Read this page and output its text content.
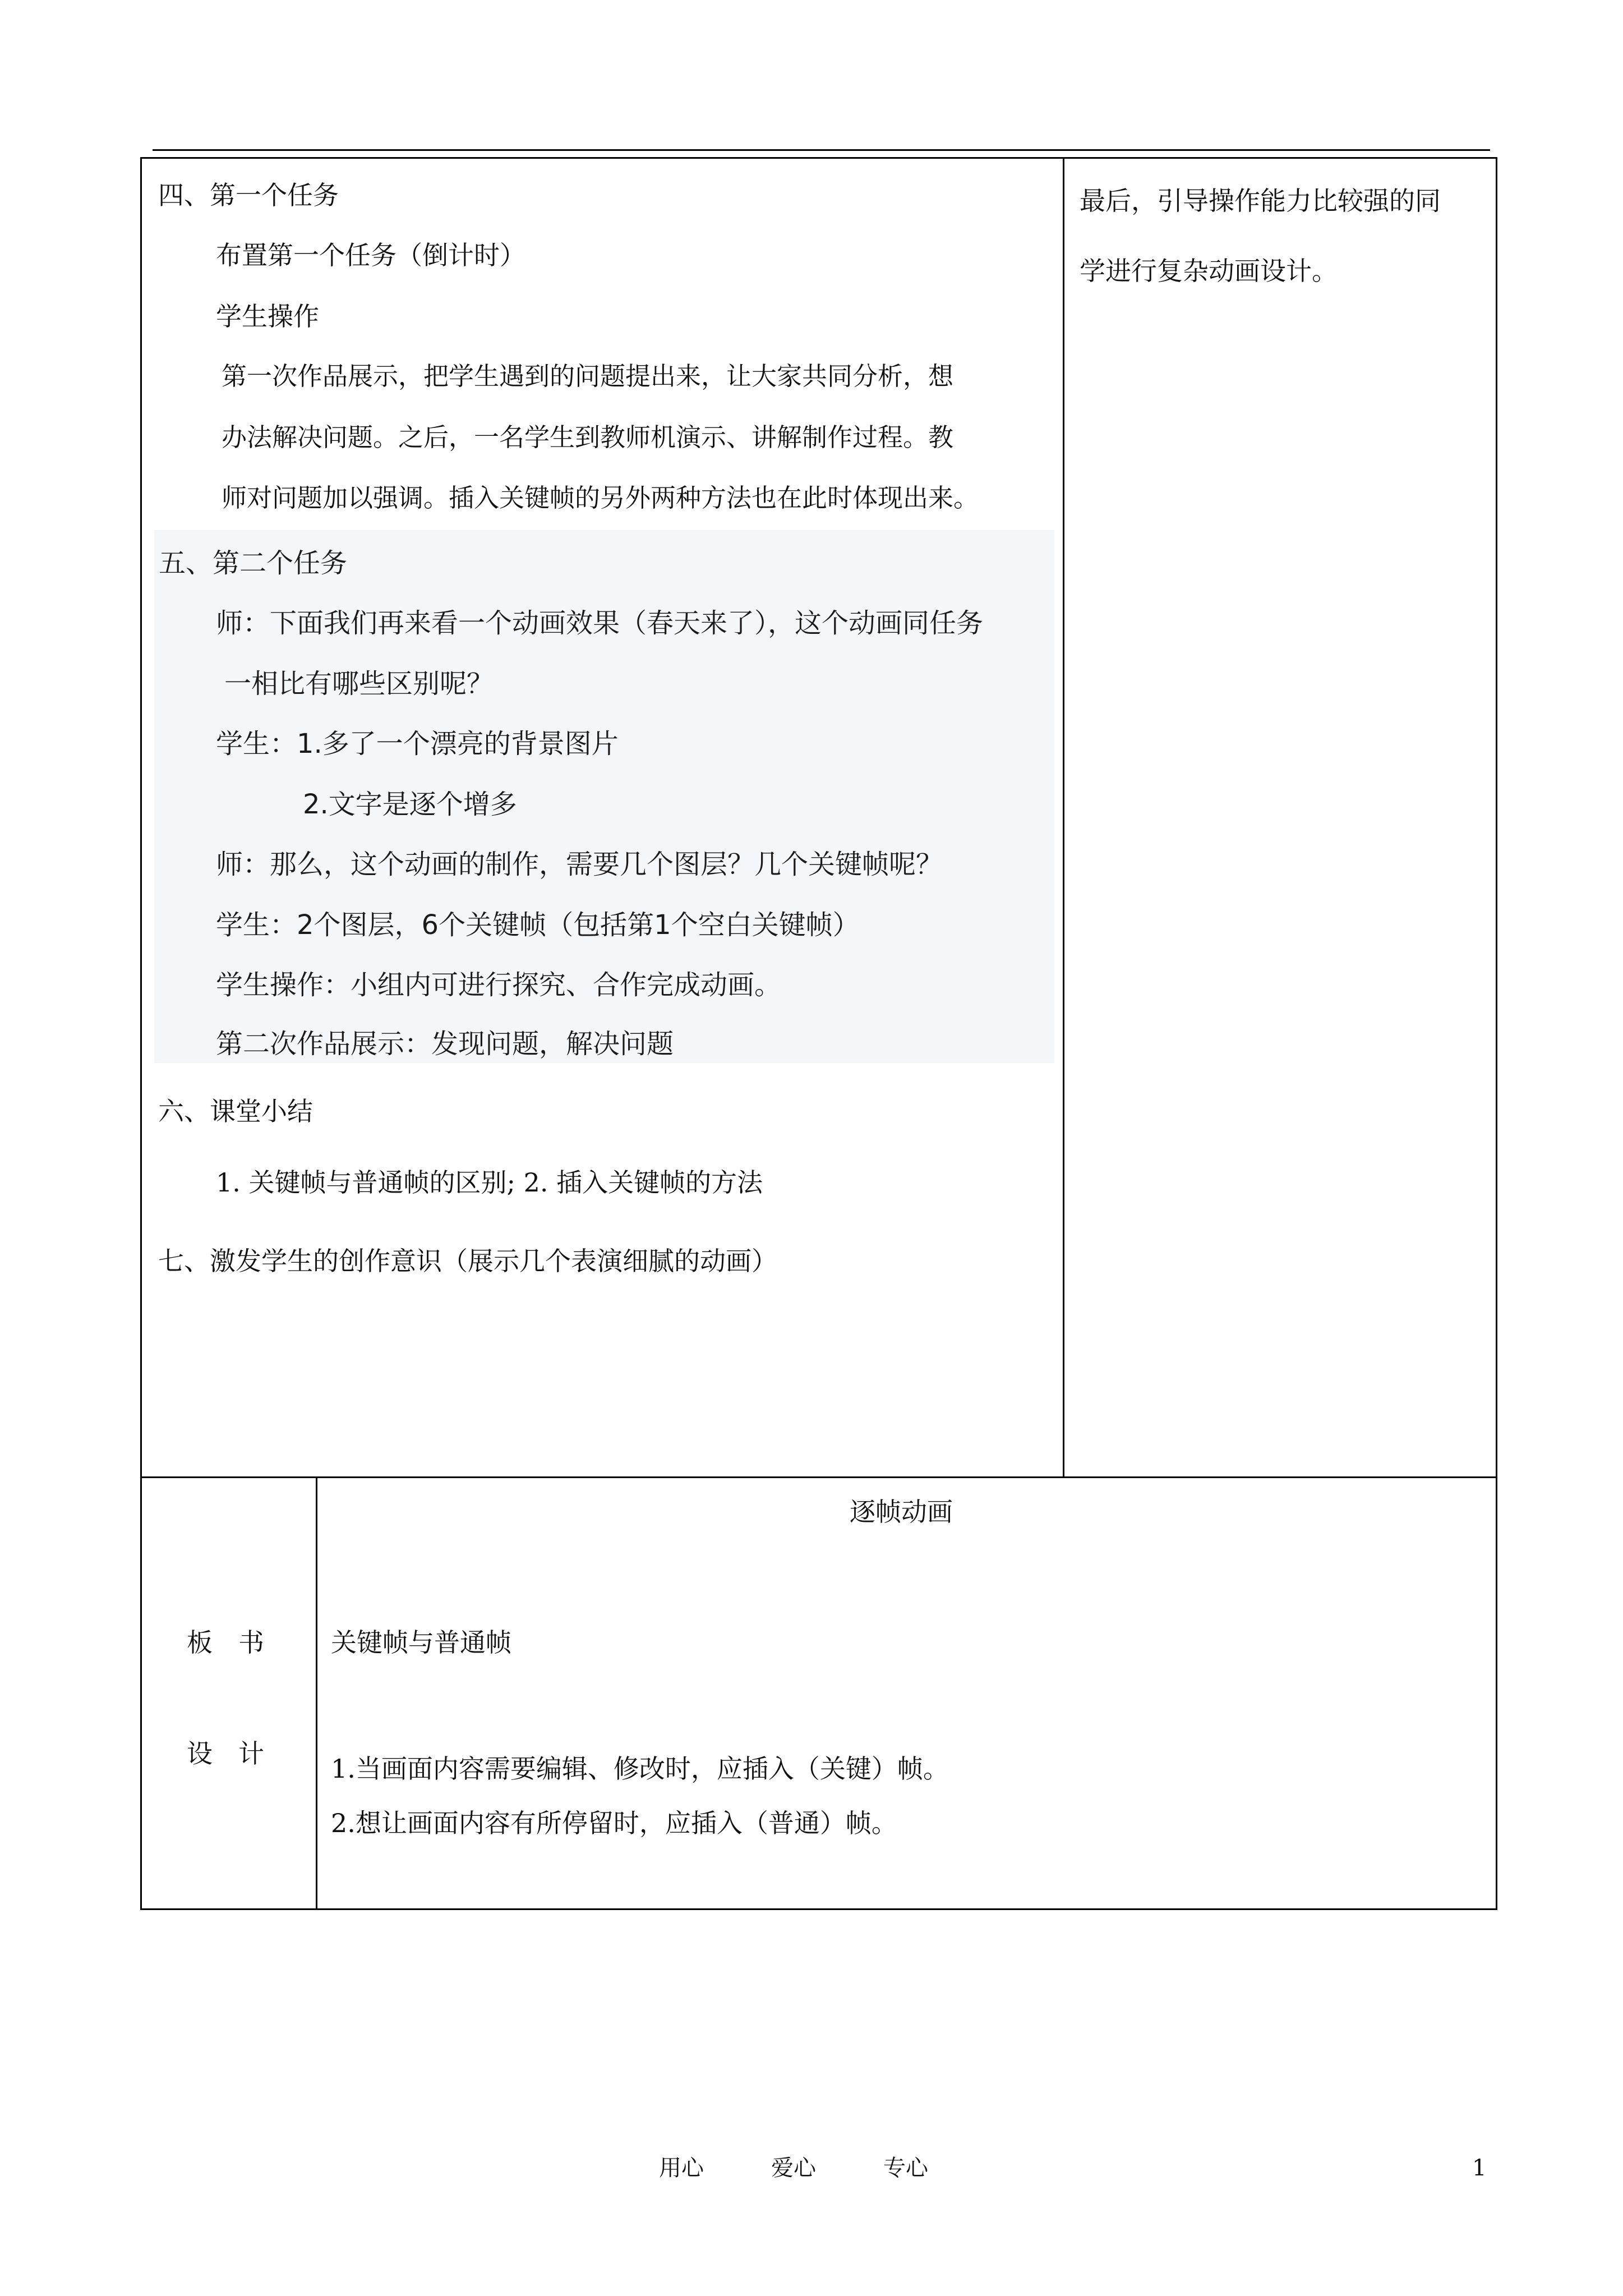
四、第一个任务
布置第一个任务（倒计时）
学生操作
第一次作品展示，把学生遇到的问题提出来，让大家共同分析，想
办法解决问题。之后，一名学生到教师机演示、讲解制作过程。教
师对问题加以强调。插入关键帧的另外两种方法也在此时体现出来。
五、第二个任务
师：下面我们再来看一个动画效果（春天来了），这个动画同任务
一相比有哪些区别呢？
学生：1.多了一个漂亮的背景图片
2.文字是逐个增多
师：那么，这个动画的制作，需要几个图层？几个关键帧呢？
学生：2个图层，6个关键帧（包括第1个空白关键帧）
学生操作：小组内可进行探究、合作完成动画。
第二次作品展示：发现问题，解决问题
六、课堂小结
1. 关键帧与普通帧的区别; 2. 插入关键帧的方法
七、激发学生的创作意识（展示几个表演细腻的动画）
最后，引导操作能力比较强的同
学进行复杂动画设计。
板　书
设　计
逐帧动画
关键帧与普通帧
1.当画面内容需要编辑、修改时，应插入（关键）帧。
2.想让画面内容有所停留时，应插入（普通）帧。
用心	爱心	专心	1
